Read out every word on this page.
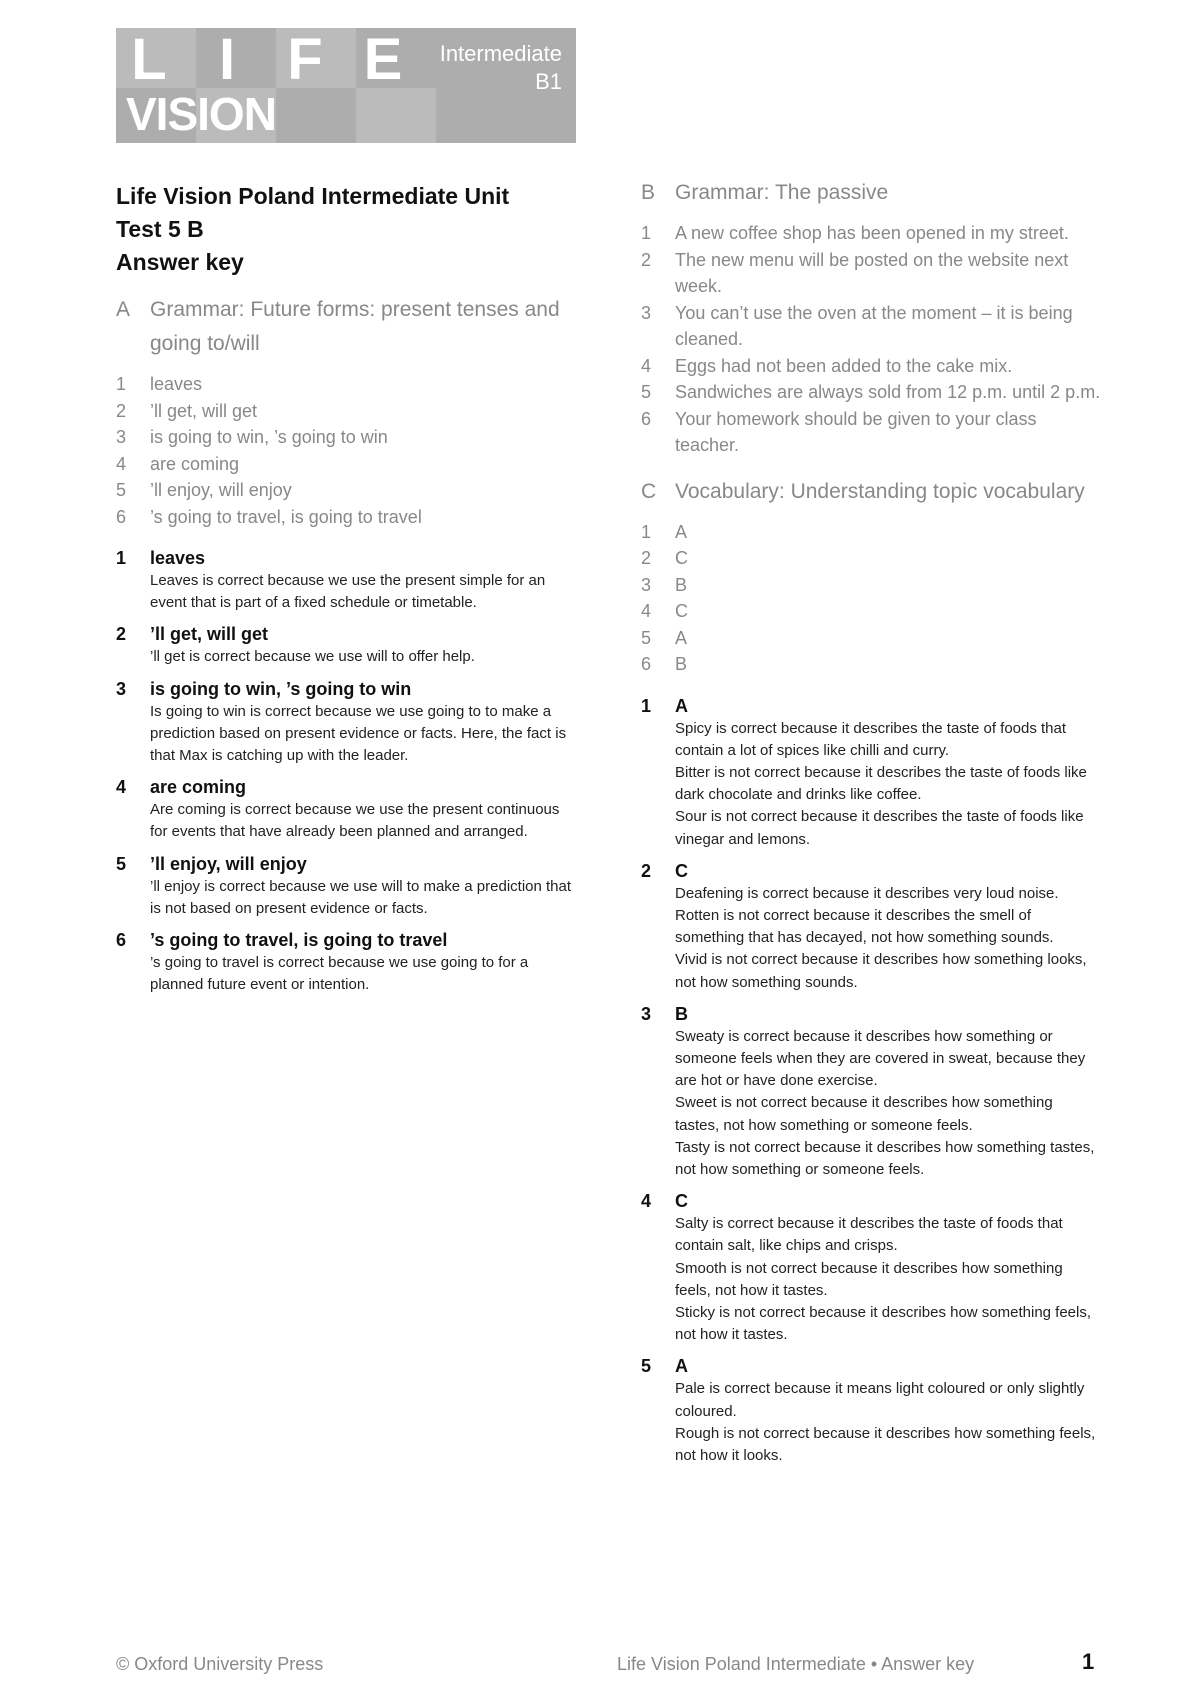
L I F E
VISION
Intermediate
B1
Life Vision Poland Intermediate Unit
Test 5 B
Answer key
A Grammar: Future forms: present tenses and going to/will
1	leaves
2	’ll get, will get
3	is going to win, ’s going to win
4	are coming
5	’ll enjoy, will enjoy
6	’s going to travel, is going to travel
1	leaves

Leaves is correct because we use the present simple for an event that is part of a fixed schedule or timetable.

2	’ll get, will get

’ll get is correct because we use will to offer help.

3	is going to win, ’s going to win

Is going to win is correct because we use going to to make a prediction based on present evidence or facts. Here, the fact is that Max is catching up with the leader.

4	are coming

Are coming is correct because we use the present continuous for events that have already been planned and arranged.

5	’ll enjoy, will enjoy

’ll enjoy is correct because we use will to make a prediction that is not based on present evidence or facts.

6	’s going to travel, is going to travel

’s going to travel is correct because we use going to for a planned future event or intention.

B Grammar: The passive
1	A new coffee shop has been opened in my street.
2	The new menu will be posted on the website next week.
3	You can’t use the oven at the moment – it is being cleaned.
4	Eggs had not been added to the cake mix.
5	Sandwiches are always sold from 12 p.m. until 2 p.m.
6	Your homework should be given to your class teacher.
C Vocabulary: Understanding topic vocabulary
1	A
2	C
3	B
4	C
5	A
6	B
1	A

Spicy is correct because it describes the taste of foods that contain a lot of spices like chilli and curry.

Bitter is not correct because it describes the taste of foods like dark chocolate and drinks like coffee.

Sour is not correct because it describes the taste of foods like vinegar and lemons.

2	C

Deafening is correct because it describes very loud noise.

Rotten is not correct because it describes the smell of something that has decayed, not how something sounds.

Vivid is not correct because it describes how something looks, not how something sounds.

3	B

Sweaty is correct because it describes how something or someone feels when they are covered in sweat, because they are hot or have done exercise.

Sweet is not correct because it describes how something tastes, not how something or someone feels.

Tasty is not correct because it describes how something tastes, not how something or someone feels.

4	C

Salty is correct because it describes the taste of foods that contain salt, like chips and crisps.

Smooth is not correct because it describes how something feels, not how it tastes.

Sticky is not correct because it describes how something feels, not how it tastes.

5	A

Pale is correct because it means light coloured or only slightly coloured.

Rough is not correct because it describes how something feels, not how it looks.

© Oxford University Press	Life Vision Poland Intermediate • Answer key	1
